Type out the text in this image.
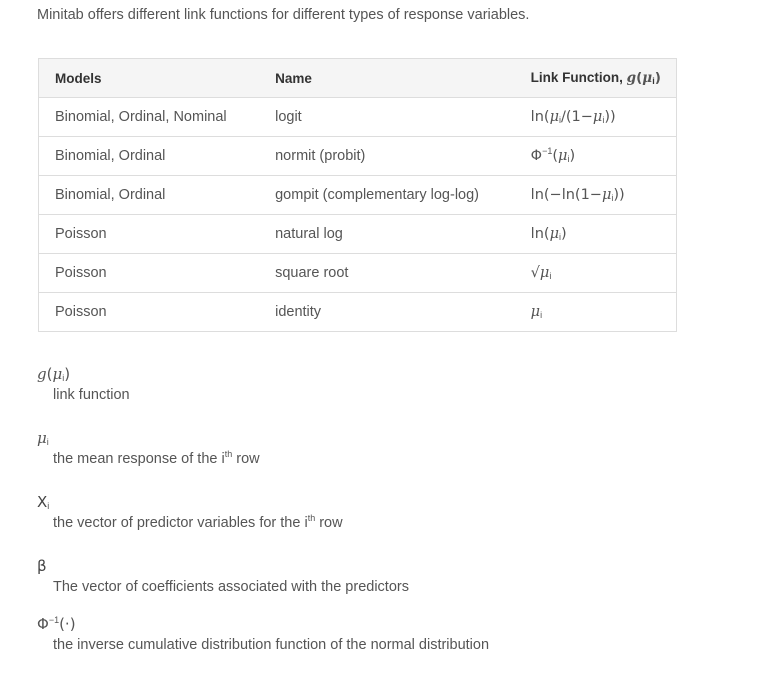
Minitab offers different link functions for different types of response variables.

Models	Name	Link Function, $g(\mu_i)$
Binomial, Ordinal, Nominal	logit	$\ln(\mu_i/(1-\mu_i))$
Binomial, Ordinal	normit (probit)	$\Phi^{-1}(\mu_i)$
Binomial, Ordinal	gompit (complementary log-log)	$\ln(-\ln(1-\mu_i))$
Poisson	natural log	$\ln(\mu_i)$
Poisson	square root	$√\mu_i$
Poisson	identity	$\mu_i$
$g(\mu_i)$
link function
$\mu_i$
the mean response of the $i^{th}$ row
$X_i$
the vector of predictor variables for the $i^{th}$ row
β
The vector of coefficients associated with the predictors
$\Phi^{-1}(\cdot)$
the inverse cumulative distribution function of the normal distribution
